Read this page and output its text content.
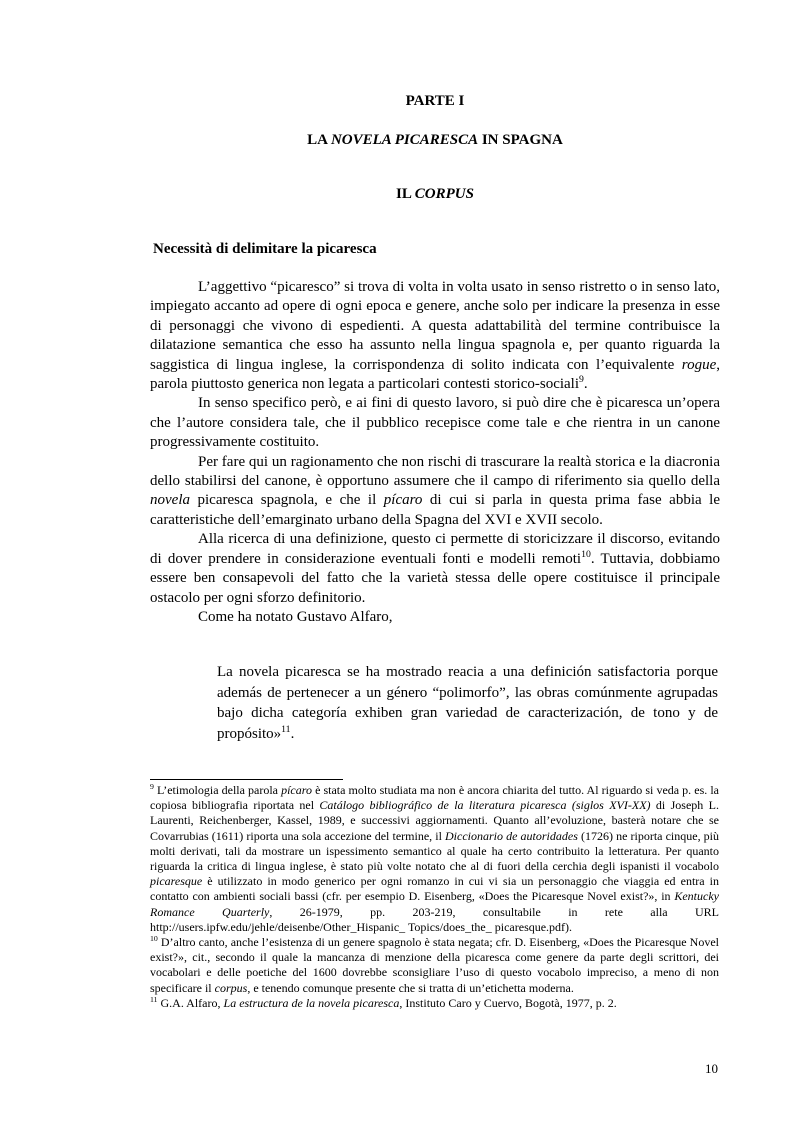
PARTE I
LA NOVELA PICARESCA IN SPAGNA
IL CORPUS
Necessità di delimitare la picaresca

L’aggettivo “picaresco” si trova di volta in volta usato in senso ristretto o in senso lato, impiegato accanto ad opere di ogni epoca e genere, anche solo per indicare la presenza in esse di personaggi che vivono di espedienti. A questa adattabilità del termine contribuisce la dilatazione semantica che esso ha assunto nella lingua spagnola e, per quanto riguarda la saggistica di lingua inglese, la corrispondenza di solito indicata con l’equivalente rogue, parola piuttosto generica non legata a particolari contesti storico-sociali$^9$.

In senso specifico però, e ai fini di questo lavoro, si può dire che è picaresca un’opera che l’autore considera tale, che il pubblico recepisce come tale e che rientra in un canone progressivamente costituito.

Per fare qui un ragionamento che non rischi di trascurare la realtà storica e la diacronia dello stabilirsi del canone, è opportuno assumere che il campo di riferimento sia quello della novela picaresca spagnola, e che il pícaro di cui si parla in questa prima fase abbia le caratteristiche dell’emarginato urbano della Spagna del XVI e XVII secolo.

Alla ricerca di una definizione, questo ci permette di storicizzare il discorso, evitando di dover prendere in considerazione eventuali fonti e modelli remoti$^{10}$. Tuttavia, dobbiamo essere ben consapevoli del fatto che la varietà stessa delle opere costituisce il principale ostacolo per ogni sforzo definitorio.

Come ha notato Gustavo Alfaro,

La novela picaresca se ha mostrado reacia a una definición satisfactoria porque además de pertenecer a un género “polimorfo”, las obras comúnmente agrupadas bajo dicha categoría exhiben gran variedad de caracterización, de tono y de propósito»$^{11}$.

$^9$ L’etimologia della parola pícaro è stata molto studiata ma non è ancora chiarita del tutto. Al riguardo si veda p. es. la copiosa bibliografia riportata nel Catálogo bibliográfico de la literatura picaresca (siglos XVI-XX) di Joseph L. Laurenti, Reichenberger, Kassel, 1989, e successivi aggiornamenti. Quanto all’evoluzione, basterà notare che se Covarrubias (1611) riporta una sola accezione del termine, il Diccionario de autoridades (1726) ne riporta cinque, più molti derivati, tali da mostrare un ispessimento semantico al quale ha certo contribuito la letteratura. Per quanto riguarda la critica di lingua inglese, è stato più volte notato che al di fuori della cerchia degli ispanisti il vocabolo picaresque è utilizzato in modo generico per ogni romanzo in cui vi sia un personaggio che viaggia ed entra in contatto con ambienti sociali bassi (cfr. per esempio D. Eisenberg, «Does the Picaresque Novel exist?», in Kentucky Romance Quarterly, 26-1979, pp. 203-219, consultabile in rete alla URL http://users.ipfw.edu/jehle/deisenbe/Other_Hispanic_ Topics/does_the_ picaresque.pdf).

$^{10}$ D’altro canto, anche l’esistenza di un genere spagnolo è stata negata; cfr. D. Eisenberg, «Does the Picaresque Novel exist?», cit., secondo il quale la mancanza di menzione della picaresca come genere da parte degli scrittori, dei vocabolari e delle poetiche del 1600 dovrebbe sconsigliare l’uso di questo vocabolo impreciso, a meno di non specificare il corpus, e tenendo comunque presente che si tratta di un’etichetta moderna.

$^{11}$ G.A. Alfaro, La estructura de la novela picaresca, Instituto Caro y Cuervo, Bogotà, 1977, p. 2.

10
